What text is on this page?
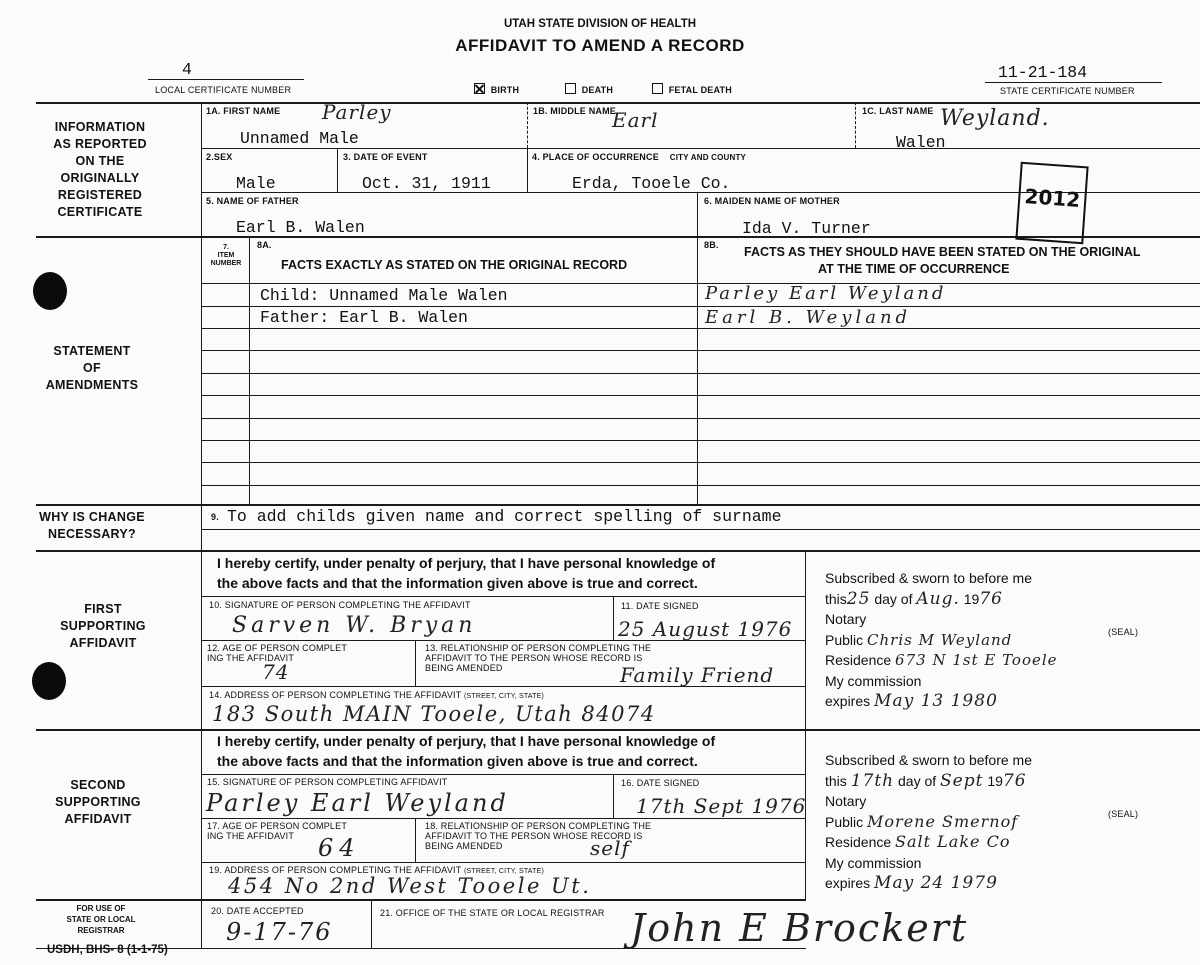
UTAH STATE DIVISION OF HEALTH
AFFIDAVIT TO AMEND A RECORD
4
LOCAL CERTIFICATE NUMBER
11-21-184
STATE CERTIFICATE NUMBER
BIRTH	DEATH	FETAL DEATH
INFORMATION
AS REPORTED
ON THE
ORIGINALLY
REGISTERED
CERTIFICATE
STATEMENT
OF
AMENDMENTS
WHY IS CHANGE
NECESSARY?
FIRST
SUPPORTING
AFFIDAVIT
SECOND
SUPPORTING
AFFIDAVIT
FOR USE OF
STATE OR LOCAL
REGISTRAR
1A. FIRST NAME Parley
Unnamed Male
1B. MIDDLE NAME
Earl	1C. LAST NAME Weyland.
Walen
2.SEX
Male
3. DATE OF EVENT
Oct. 31, 1911
4. PLACE OF OCCURRENCE CITY AND COUNTY
Erda, Tooele Co.
5. NAME OF FATHER
Earl B. Walen
6. MAIDEN NAME OF MOTHER
Ida V. Turner
2012
7.
ITEM
NUMBER
8A.
FACTS EXACTLY AS STATED ON THE ORIGINAL RECORD
8B. FACTS AS THEY SHOULD HAVE BEEN STATED ON THE ORIGINAL
AT THE TIME OF OCCURRENCE
Child: Unnamed Male Walen	Parley Earl Weyland
Father: Earl B. Walen	Earl B. Weyland
9. To add childs given name and correct spelling of surname
I hereby certify, under penalty of perjury, that I have personal knowledge of
the above facts and that the information given above is true and correct.
10. SIGNATURE OF PERSON COMPLETING THE AFFIDAVIT
Sarven W. Bryan
11. DATE SIGNED
25 August 1976
12. AGE OF PERSON COMPLET
ING THE AFFIDAVIT
74
13. RELATIONSHIP OF PERSON COMPLETING THE
AFFIDAVIT TO THE PERSON WHOSE RECORD IS
BEING AMENDED	Family Friend
14. ADDRESS OF PERSON COMPLETING THE AFFIDAVIT (STREET, CITY, STATE)
183 South MAIN Tooele, Utah 84074
Subscribed & sworn to before me
this25 day of Aug. 1976
Notary
Public Chris M Weyland
Residence 673 N 1st E Tooele
My commission
expires May 13 1980
(SEAL)
I hereby certify, under penalty of perjury, that I have personal knowledge of
the above facts and that the information given above is true and correct.
15. SIGNATURE OF PERSON COMPLETING AFFIDAVIT
Parley Earl Weyland
16. DATE SIGNED
17th Sept 1976
17. AGE OF PERSON COMPLET
ING THE AFFIDAVIT 64
18. RELATIONSHIP OF PERSON COMPLETING THE
AFFIDAVIT TO THE PERSON WHOSE RECORD IS
BEING AMENDED	self
19. ADDRESS OF PERSON COMPLETING THE AFFIDAVIT (STREET, CITY, STATE)
454 No 2nd West Tooele Ut.
Subscribed & sworn to before me
this 17th day of Sept 1976
Notary
Public Morene Smernof
Residence Salt Lake Co
My commission
expires May 24 1979
(SEAL)
20. DATE ACCEPTED
9-17-76
21. OFFICE OF THE STATE OR LOCAL REGISTRAR John E Brockert
USDH, BHS- 8 (1-1-75)
